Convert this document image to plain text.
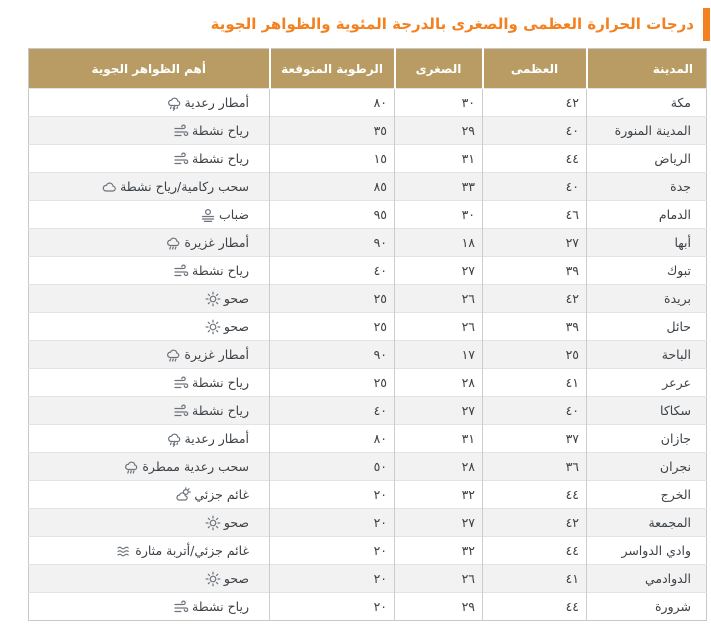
درجات الحرارة العظمى والصغرى بالدرجة المئوية والظواهر الجوية
المدينة	العظمى	الصغرى	الرطوبة المتوقعة	أهم الظواهر الجوية
مكة	٤٢	٣٠	٨٠	أمطار رعدية

المدينة المنورة	٤٠	٢٩	٣٥	رياح نشطة

الرياض	٤٤	٣١	١٥	رياح نشطة

جدة	٤٠	٣٣	٨٥	سحب ركامية/رياح نشطة

الدمام	٤٦	٣٠	٩٥	ضباب

أبها	٢٧	١٨	٩٠	أمطار غزيرة

تبوك	٣٩	٢٧	٤٠	رياح نشطة

بريدة	٤٢	٢٦	٢٥	صحو

حائل	٣٩	٢٦	٢٥	صحو

الباحة	٢٥	١٧	٩٠	أمطار غزيرة

عرعر	٤١	٢٨	٢٥	رياح نشطة

سكاكا	٤٠	٢٧	٤٠	رياح نشطة

جازان	٣٧	٣١	٨٠	أمطار رعدية

نجران	٣٦	٢٨	٥٠	سحب رعدية ممطرة

الخرج	٤٤	٣٢	٢٠	غائم جزئي

المجمعة	٤٢	٢٧	٢٠	صحو

وادي الدواسر	٤٤	٣٢	٢٠	غائم جزئي/أتربة مثارة

الدوادمي	٤١	٢٦	٢٠	صحو

شرورة	٤٤	٢٩	٢٠	رياح نشطة
